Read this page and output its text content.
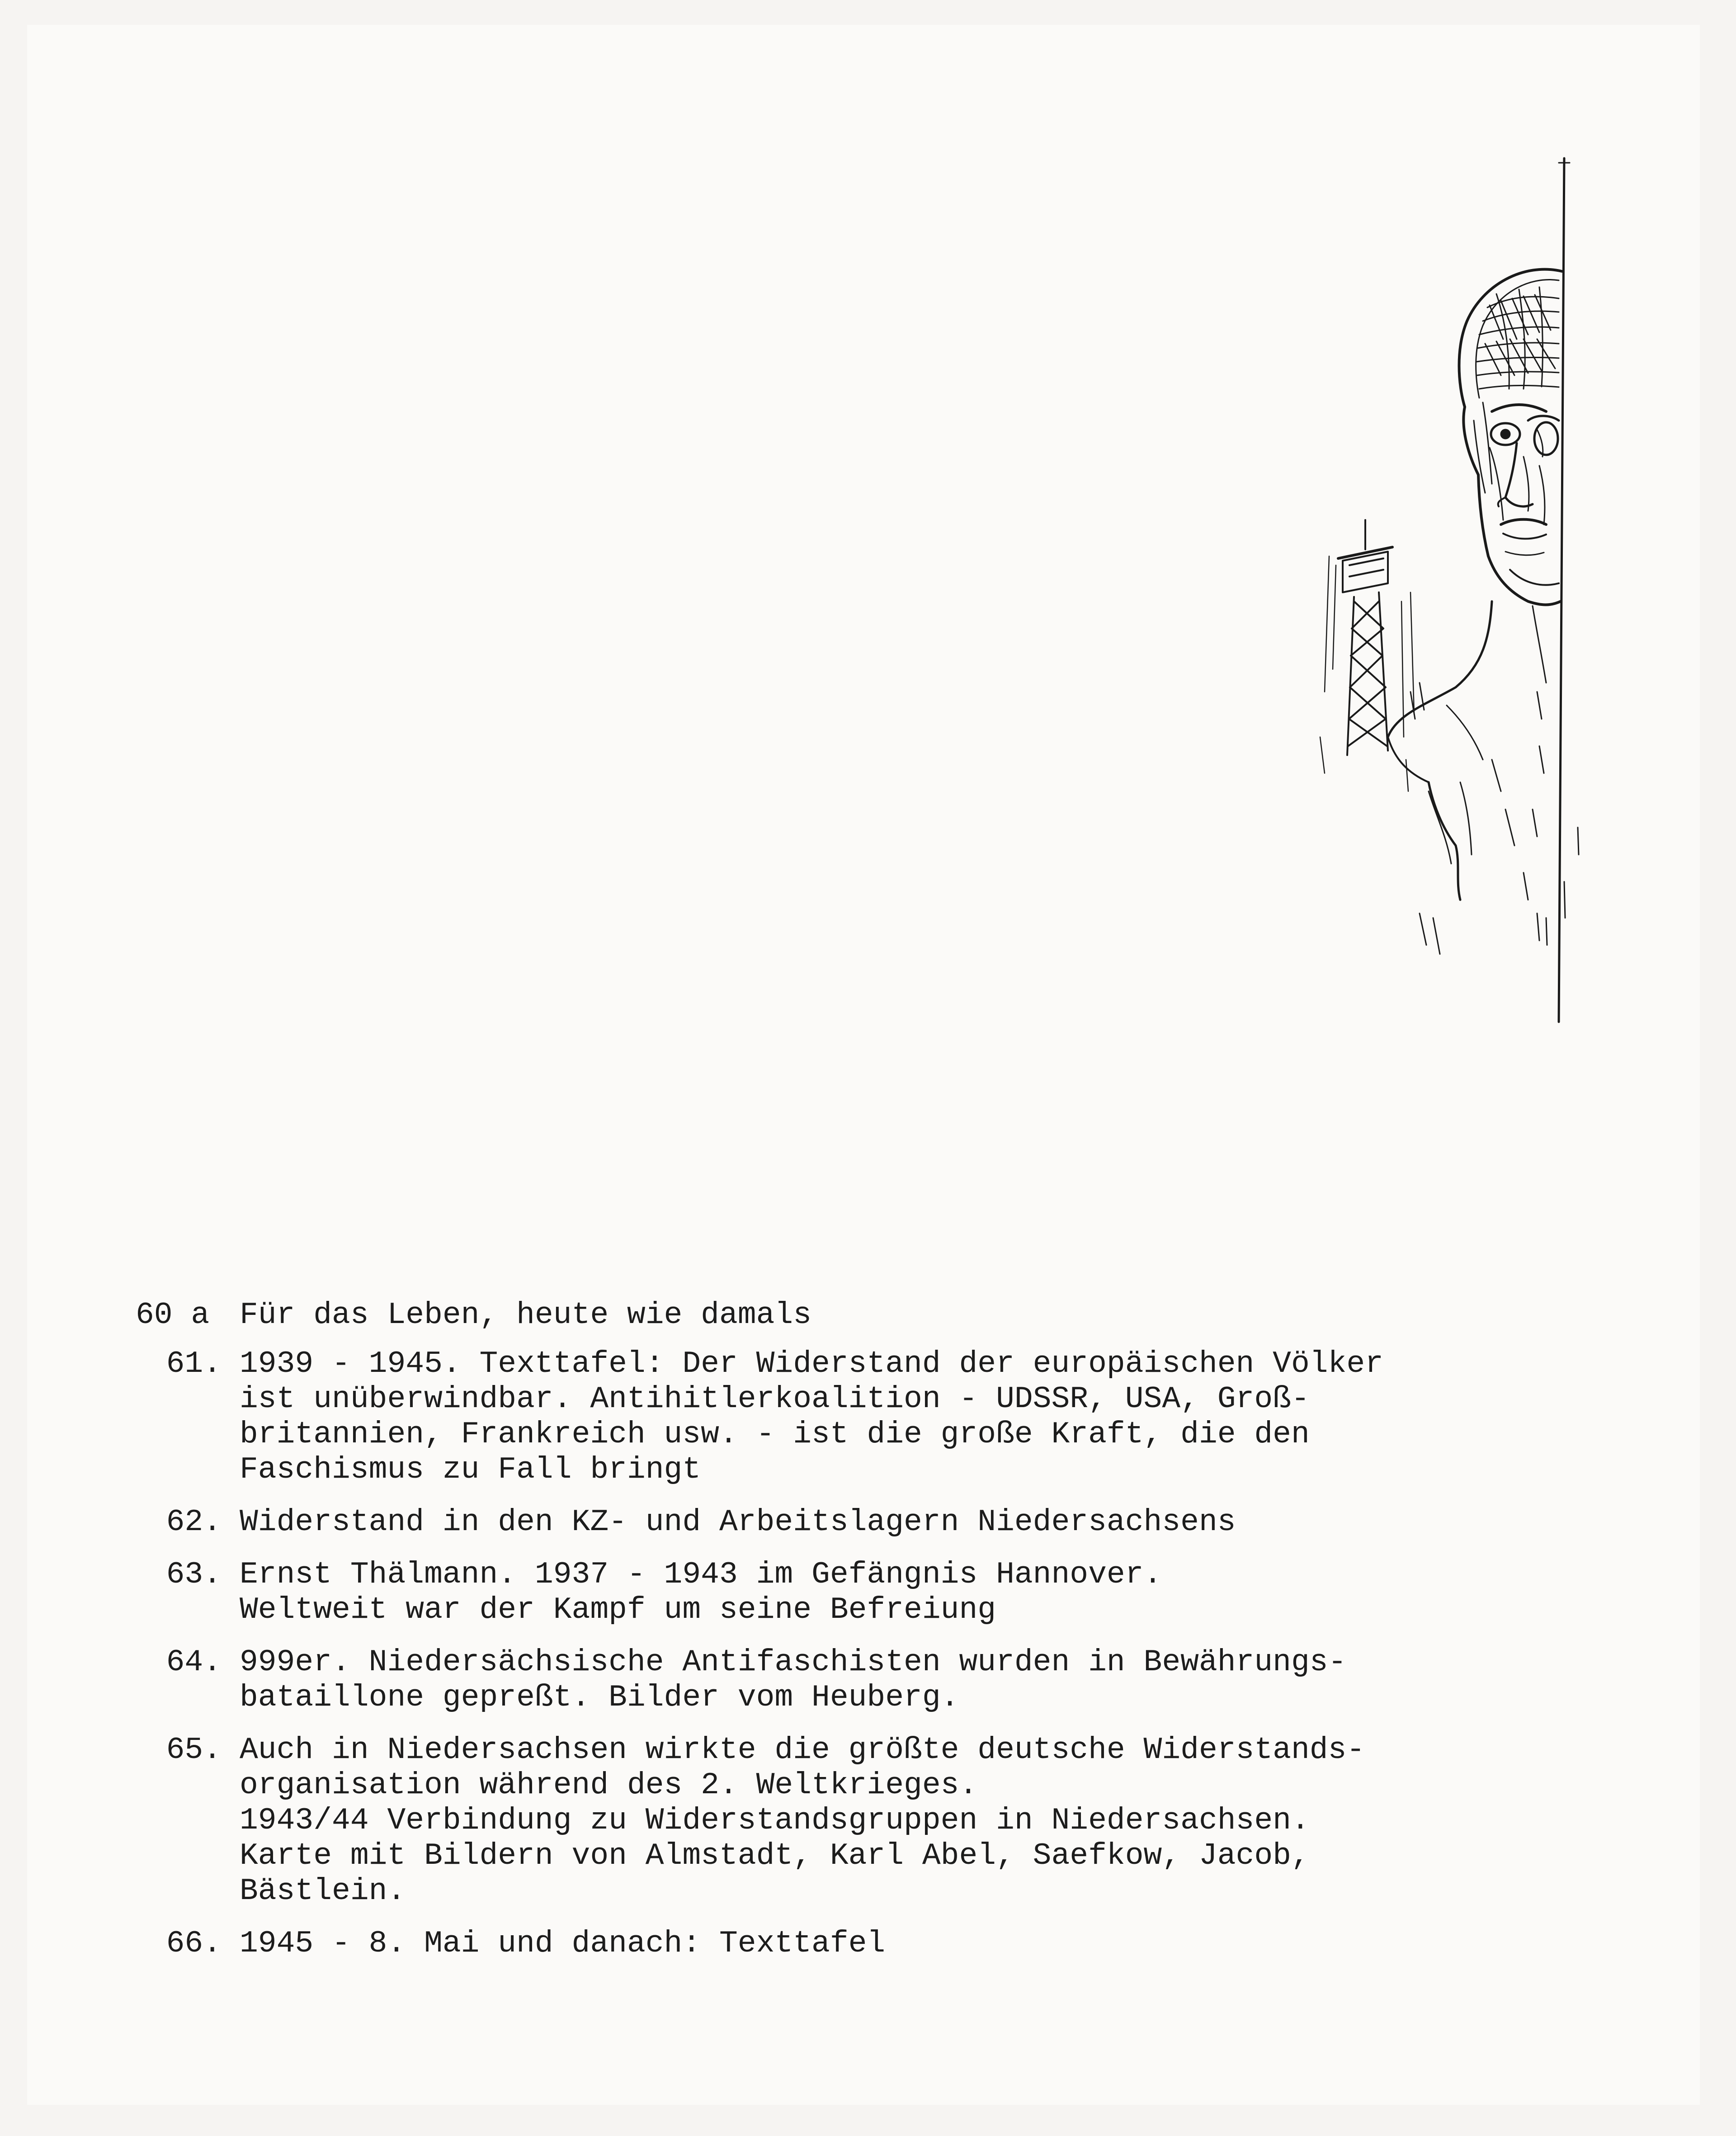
60 a Für das Leben, heute wie damals
61. 1939 - 1945. Texttafel: Der Widerstand der europäischen Völker
ist unüberwindbar. Antihitlerkoalition - UDSSR, USA, Groß-
britannien, Frankreich usw. - ist die große Kraft, die den
Faschismus zu Fall bringt
62. Widerstand in den KZ- und Arbeitslagern Niedersachsens
63. Ernst Thälmann. 1937 - 1943 im Gefängnis Hannover.
Weltweit war der Kampf um seine Befreiung
64. 999er. Niedersächsische Antifaschisten wurden in Bewährungs-
bataillone gepreßt. Bilder vom Heuberg.
65. Auch in Niedersachsen wirkte die größte deutsche Widerstands-
organisation während des 2. Weltkrieges.
1943/44 Verbindung zu Widerstandsgruppen in Niedersachsen.
Karte mit Bildern von Almstadt, Karl Abel, Saefkow, Jacob,
Bästlein.
66. 1945 - 8. Mai und danach: Texttafel
